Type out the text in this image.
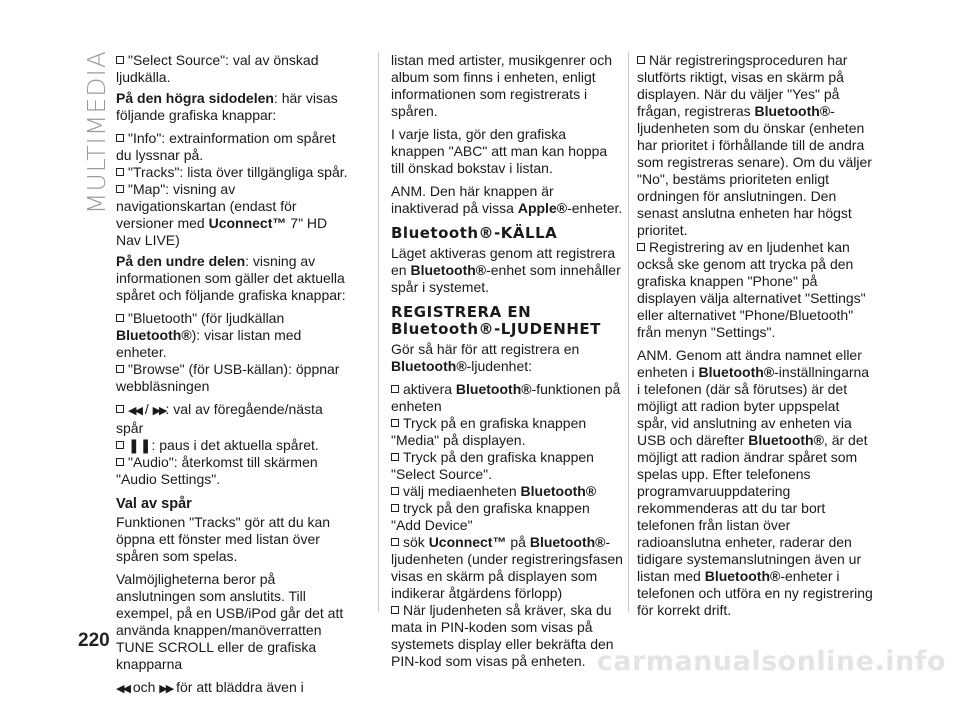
MULTIMEDIA	"Select Source": val av önskad ljudkälla.

På den högra sidodelen: här visas följande grafiska knappar:

"Info": extrainformation om spåret du lyssnar på.

"Tracks": lista över tillgängliga spår.

"Map": visning av navigationskartan (endast för versioner med Uconnect™ 7" HD Nav LIVE)

På den undre delen: visning av informationen som gäller det aktuella spåret och följande grafiska knappar:

"Bluetooth" (för ljudkällan Bluetooth®): visar listan med enheter.

"Browse" (för USB-källan): öppnar webbläsningen

◀◀ / ▶▶: val av föregående/nästa spår

❚❚: paus i det aktuella spåret.

"Audio": återkomst till skärmen "Audio Settings".

Val av spår

Funktionen "Tracks" gör att du kan öppna ett fönster med listan över spåren som spelas.

Valmöjligheterna beror på anslutningen som anslutits. Till exempel, på en USB/iPod går det att använda knappen/manöverratten TUNE SCROLL eller de grafiska knapparna

◀◀ och ▶▶ för att bläddra även i

listan med artister, musikgenrer och album som finns i enheten, enligt informationen som registrerats i spåren.

I varje lista, gör den grafiska knappen "ABC" att man kan hoppa till önskad bokstav i listan.

ANM. Den här knappen är inaktiverad på vissa Apple®-enheter.

Bluetooth®-KÄLLA

Läget aktiveras genom att registrera en Bluetooth®-enhet som innehåller spår i systemet.

REGISTRERA EN
Bluetooth®-LJUDENHET

Gör så här för att registrera en Bluetooth®-ljudenhet:

aktivera Bluetooth®-funktionen på enheten

Tryck på en grafiska knappen "Media" på displayen.

Tryck på den grafiska knappen "Select Source".

välj mediaenheten Bluetooth®

tryck på den grafiska knappen "Add Device"

sök Uconnect™ på Bluetooth®-ljudenheten (under registreringsfasen visas en skärm på displayen som indikerar åtgärdens förlopp)

När ljudenheten så kräver, ska du mata in PIN-koden som visas på systemets display eller bekräfta den PIN-kod som visas på enheten.

När registreringsproceduren har slutförts riktigt, visas en skärm på displayen. När du väljer "Yes" på frågan, registreras Bluetooth®-ljudenheten som du önskar (enheten har prioritet i förhållande till de andra som registreras senare). Om du väljer "No", bestäms prioriteten enligt ordningen för anslutningen. Den senast anslutna enheten har högst prioritet.

Registrering av en ljudenhet kan också ske genom att trycka på den grafiska knappen "Phone" på displayen välja alternativet "Settings" eller alternativet "Phone/Bluetooth" från menyn "Settings".

ANM. Genom att ändra namnet eller enheten i Bluetooth®-inställningarna i telefonen (där så förutses) är det möjligt att radion byter uppspelat spår, vid anslutning av enheten via USB och därefter Bluetooth®, är det möjligt att radion ändrar spåret som spelas upp. Efter telefonens programvaruuppdatering rekommenderas att du tar bort telefonen från listan över radioanslutna enheter, raderar den tidigare systemanslutningen även ur listan med Bluetooth®-enheter i telefonen och utföra en ny registrering för korrekt drift.

220
carmanualsonline.info
